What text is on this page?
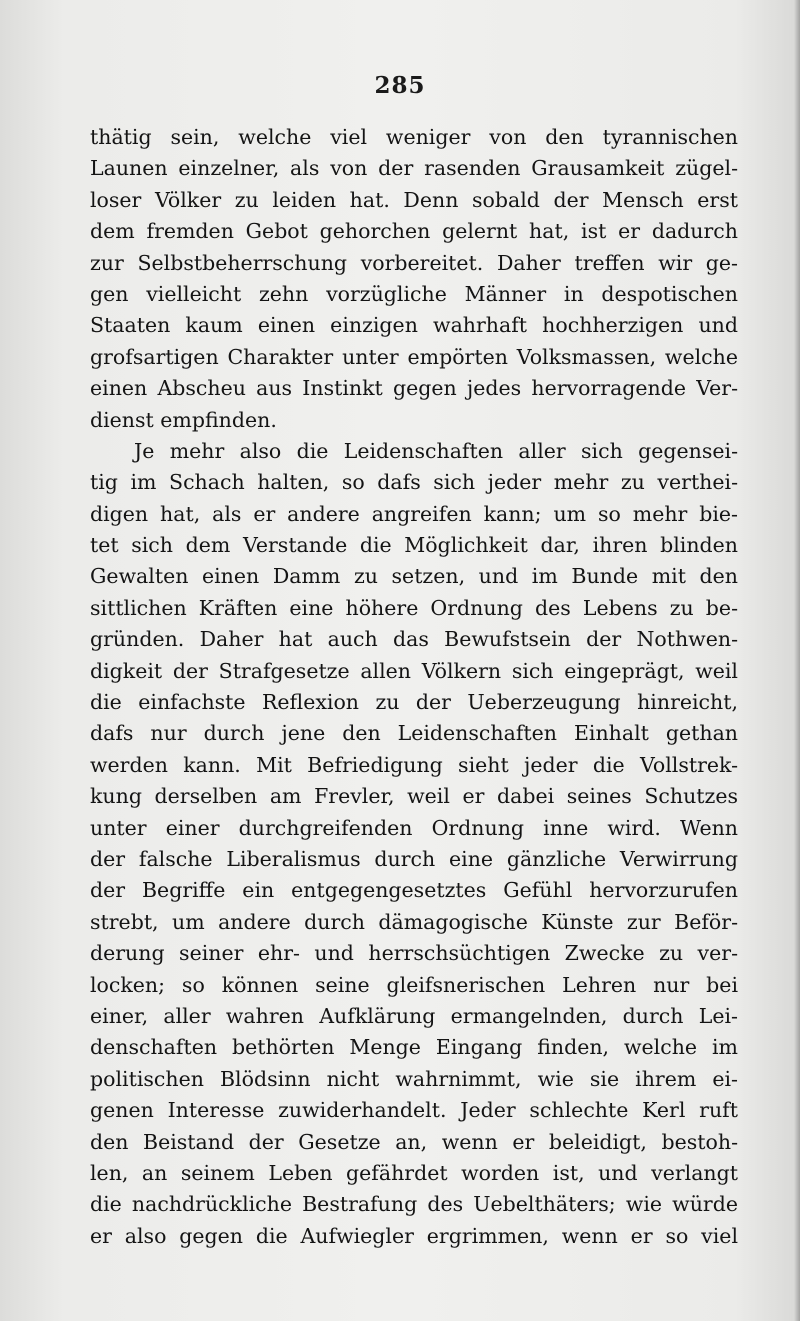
285
thätig sein, welche viel weniger von den tyrannischen
Launen einzelner, als von der rasenden Grausamkeit zügel-
loser Völker zu leiden hat. Denn sobald der Mensch erst
dem fremden Gebot gehorchen gelernt hat, ist er dadurch
zur Selbstbeherrschung vorbereitet. Daher treffen wir ge-
gen vielleicht zehn vorzügliche Männer in despotischen
Staaten kaum einen einzigen wahrhaft hochherzigen und
grofsartigen Charakter unter empörten Volksmassen, welche
einen Abscheu aus Instinkt gegen jedes hervorragende Ver-
dienst empfinden.
Je mehr also die Leidenschaften aller sich gegensei-
tig im Schach halten, so dafs sich jeder mehr zu verthei-
digen hat, als er andere angreifen kann; um so mehr bie-
tet sich dem Verstande die Möglichkeit dar, ihren blinden
Gewalten einen Damm zu setzen, und im Bunde mit den
sittlichen Kräften eine höhere Ordnung des Lebens zu be-
gründen. Daher hat auch das Bewufstsein der Nothwen-
digkeit der Strafgesetze allen Völkern sich eingeprägt, weil
die einfachste Reflexion zu der Ueberzeugung hinreicht,
dafs nur durch jene den Leidenschaften Einhalt gethan
werden kann. Mit Befriedigung sieht jeder die Vollstrek-
kung derselben am Frevler, weil er dabei seines Schutzes
unter einer durchgreifenden Ordnung inne wird. Wenn
der falsche Liberalismus durch eine gänzliche Verwirrung
der Begriffe ein entgegengesetztes Gefühl hervorzurufen
strebt, um andere durch dämagogische Künste zur Beför-
derung seiner ehr- und herrschsüchtigen Zwecke zu ver-
locken; so können seine gleifsnerischen Lehren nur bei
einer, aller wahren Aufklärung ermangelnden, durch Lei-
denschaften bethörten Menge Eingang finden, welche im
politischen Blödsinn nicht wahrnimmt, wie sie ihrem ei-
genen Interesse zuwiderhandelt. Jeder schlechte Kerl ruft
den Beistand der Gesetze an, wenn er beleidigt, bestoh-
len, an seinem Leben gefährdet worden ist, und verlangt
die nachdrückliche Bestrafung des Uebelthäters; wie würde
er also gegen die Aufwiegler ergrimmen, wenn er so viel
